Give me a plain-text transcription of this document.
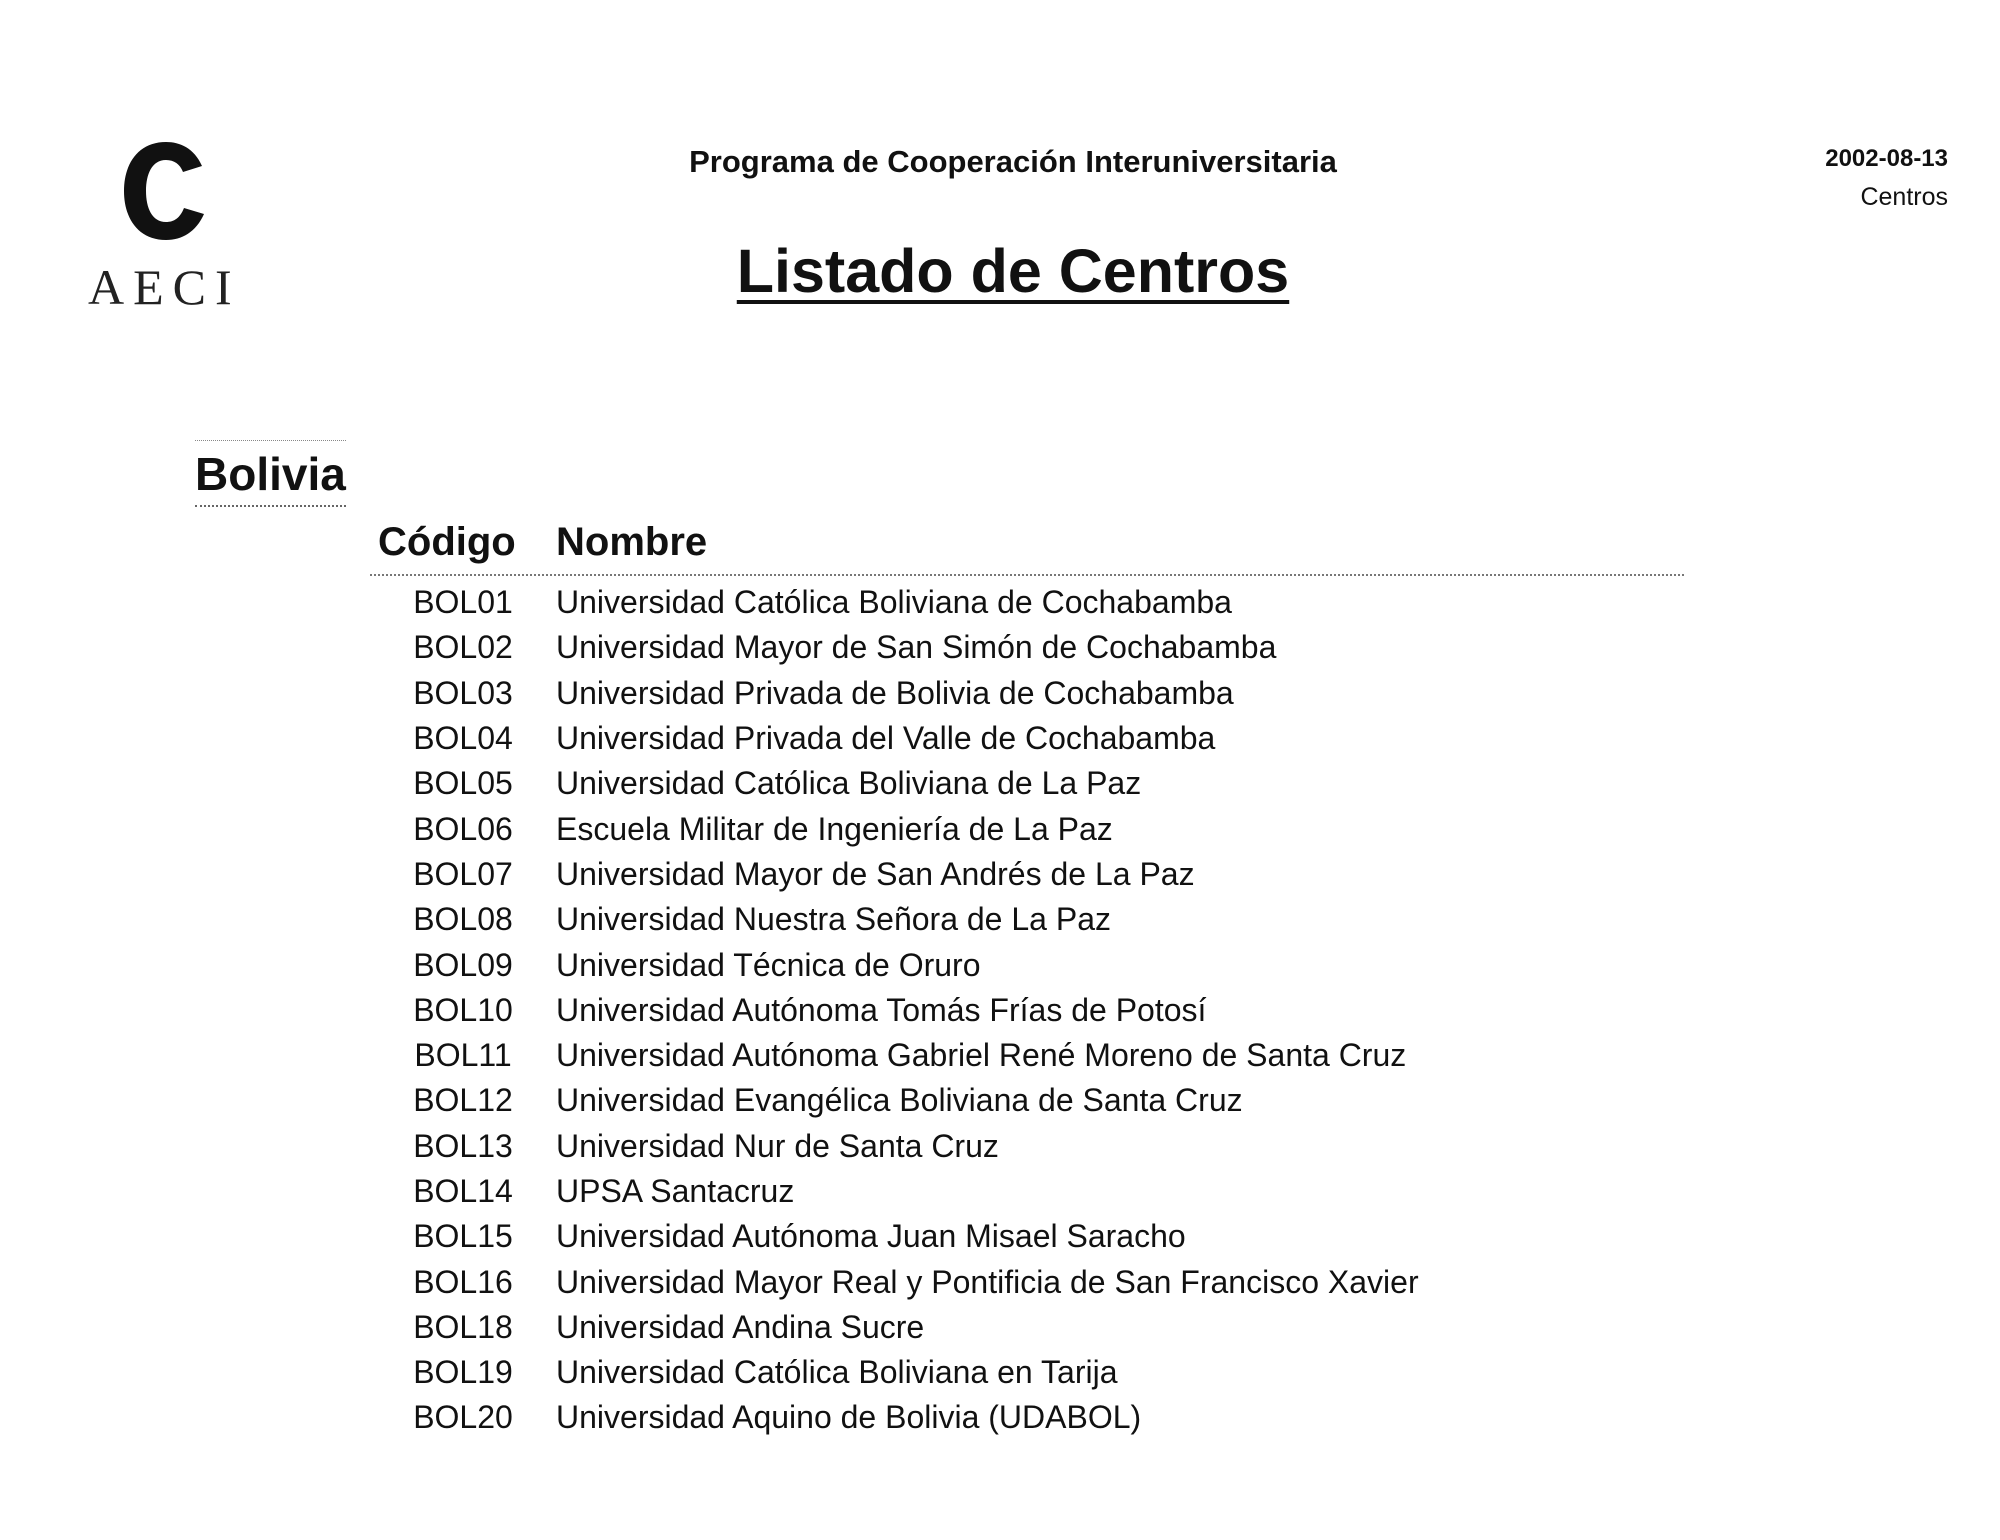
AECI
Programa de Cooperación Interuniversitaria	2002-08-13
Centros
Listado de Centros
Bolivia
Código Nombre
BOL01	Universidad Católica Boliviana de Cochabamba
BOL02	Universidad Mayor de San Simón de Cochabamba
BOL03	Universidad Privada de Bolivia de Cochabamba
BOL04	Universidad Privada del Valle de Cochabamba
BOL05	Universidad Católica Boliviana de La Paz
BOL06	Escuela Militar de Ingeniería de La Paz
BOL07	Universidad Mayor de San Andrés de La Paz
BOL08	Universidad Nuestra Señora de La Paz
BOL09	Universidad Técnica de Oruro
BOL10	Universidad Autónoma Tomás Frías de Potosí
BOL11	Universidad Autónoma Gabriel René Moreno de Santa Cruz
BOL12	Universidad Evangélica Boliviana de Santa Cruz
BOL13	Universidad Nur de Santa Cruz
BOL14	UPSA Santacruz
BOL15	Universidad Autónoma Juan Misael Saracho
BOL16	Universidad Mayor Real y Pontificia de San Francisco Xavier
BOL18	Universidad Andina Sucre
BOL19	Universidad Católica Boliviana en Tarija
BOL20	Universidad Aquino de Bolivia (UDABOL)
